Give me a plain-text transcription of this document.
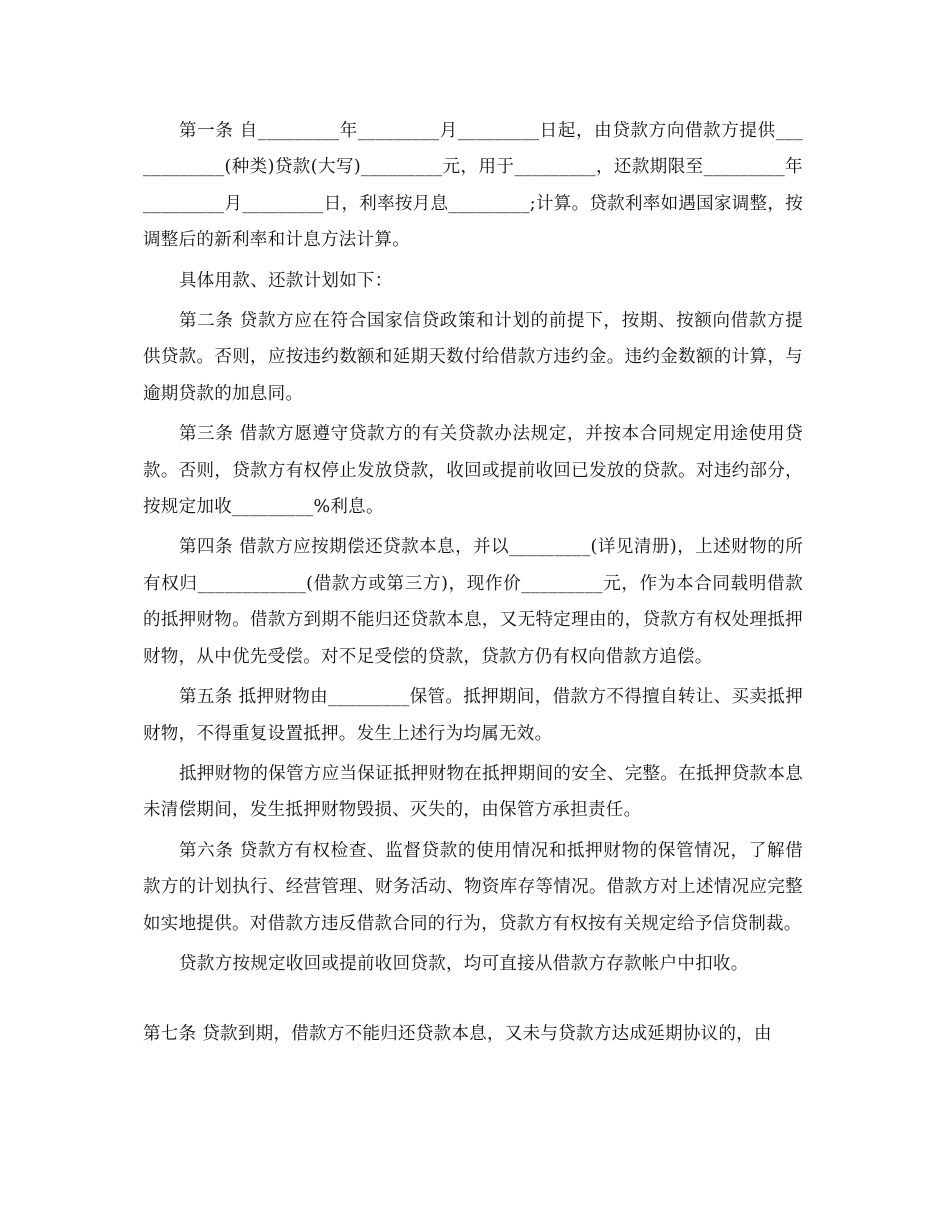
第一条 自_________年_________月_________日起，由贷款方向借款方提供____________(种类)贷款(大写)_________元，用于_________，还款期限至_________年_________月_________日，利率按月息_________;计算。贷款利率如遇国家调整，按调整后的新利率和计息方法计算。

具体用款、还款计划如下：

第二条 贷款方应在符合国家信贷政策和计划的前提下，按期、按额向借款方提供贷款。否则，应按违约数额和延期天数付给借款方违约金。违约金数额的计算，与逾期贷款的加息同。

第三条 借款方愿遵守贷款方的有关贷款办法规定，并按本合同规定用途使用贷款。否则，贷款方有权停止发放贷款，收回或提前收回已发放的贷款。对违约部分，按规定加收_________%利息。

第四条 借款方应按期偿还贷款本息，并以_________(详见清册)，上述财物的所有权归____________(借款方或第三方)，现作价_________元，作为本合同载明借款的抵押财物。借款方到期不能归还贷款本息，又无特定理由的，贷款方有权处理抵押财物，从中优先受偿。对不足受偿的贷款，贷款方仍有权向借款方追偿。

第五条 抵押财物由_________保管。抵押期间，借款方不得擅自转让、买卖抵押财物，不得重复设置抵押。发生上述行为均属无效。

抵押财物的保管方应当保证抵押财物在抵押期间的安全、完整。在抵押贷款本息未清偿期间，发生抵押财物毁损、灭失的，由保管方承担责任。

第六条 贷款方有权检查、监督贷款的使用情况和抵押财物的保管情况，了解借款方的计划执行、经营管理、财务活动、物资库存等情况。借款方对上述情况应完整如实地提供。对借款方违反借款合同的行为，贷款方有权按有关规定给予信贷制裁。

贷款方按规定收回或提前收回贷款，均可直接从借款方存款帐户中扣收。

第七条 贷款到期，借款方不能归还贷款本息，又未与贷款方达成延期协议的，由
